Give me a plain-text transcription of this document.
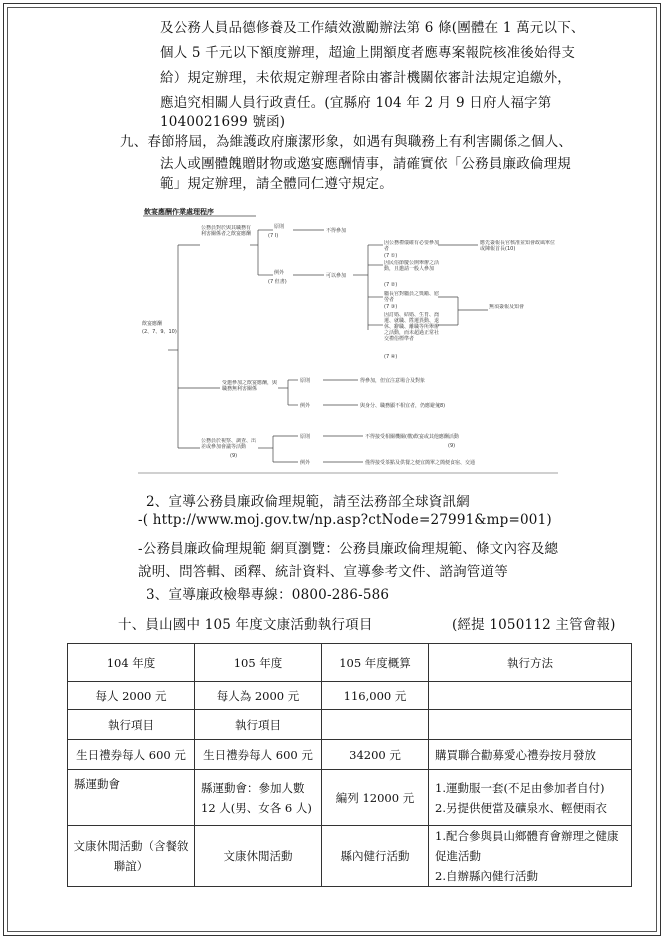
及公務人員品德修養及工作績效激勵辦法第 6 條(團體在 1 萬元以下、
個人 5 千元以下額度辦理，超逾上開額度者應專案報院核准後始得支
給）規定辦理，未依規定辦理者除由審計機關依審計法規定追繳外，
應追究相關人員行政責任。(宜縣府 104 年 2 月 9 日府人福字第
1040021699 號函)
九、春節將屆，為維護政府廉潔形象，如遇有與職務上有利害關係之個人、
法人或團體餽贈財物或邀宴應酬情事，請確實依「公務員廉政倫理規
範」規定辦理，請全體同仁遵守規定。
飲宴應酬作業處理程序
飲宴應酬
(2、7、9、10)
公務員對於與其職務有利害關係者之飲宴應酬
原則
(7 I)
不得參加
例外
(7 但書)
可以參加
因公務禮儀確有必要參加者
(7 ①)
應先簽報長官核准並知會政風單位或陳報首長(10)
因民俗節慶公開舉辦之活動，且邀請一般人參加
(7 ②)
屬長官對屬員之獎勵、慰勞者
(7 ③)
因訂婚、結婚、生育、喬遷、就職、陞遷異動、退休、辭職、離職等所舉辦之活動，而未超過正常社交禮俗標準者
(7 ④)
無須簽報及知會
受邀參加之飲宴應酬，與職務無利害關係
原則	得參加，但宜注意場合及對象
例外	與身分、職務顯不相宜者，仍應避免
(8)
公務員於視察、調查、出差或參加會議等活動
(9)
原則	不得接受相關機關(構)飲宴或其他應酬活動
(9)
例外	僅得接受茶點及供餐之便宜簡單之簡便食宿、交通
2、宣導公務員廉政倫理規範，請至法務部全球資訊網
-( http://www.moj.gov.tw/np.asp?ctNode=27991&mp=001)
-公務員廉政倫理規範 網頁瀏覽：公務員廉政倫理規範、條文內容及總
說明、問答輯、函釋、統計資料、宣導參考文件、諮詢管道等
3、宣導廉政檢舉專線：0800-286-586
十、員山國中 105 年度文康活動執行項目	(經提 1050112 主管會報)
104 年度	105 年度	105 年度概算	執行方法
每人 2000 元	每人為 2000 元	116,000 元	
執行項目	執行項目		
生日禮券每人 600 元	生日禮券每人 600 元	34200 元	購買聯合勸募愛心禮券按月發放
縣運動會	縣運動會：參加人數 12 人(男、女各 6 人)	編列 12000 元	1.運動服一套(不足由參加者自付)
2.另提供便當及礦泉水、輕便雨衣
文康休閒活動（含餐敘聯誼）	文康休閒活動	縣內健行活動	1.配合參與員山鄉體育會辦理之健康促進活動
2.自辦縣內健行活動
